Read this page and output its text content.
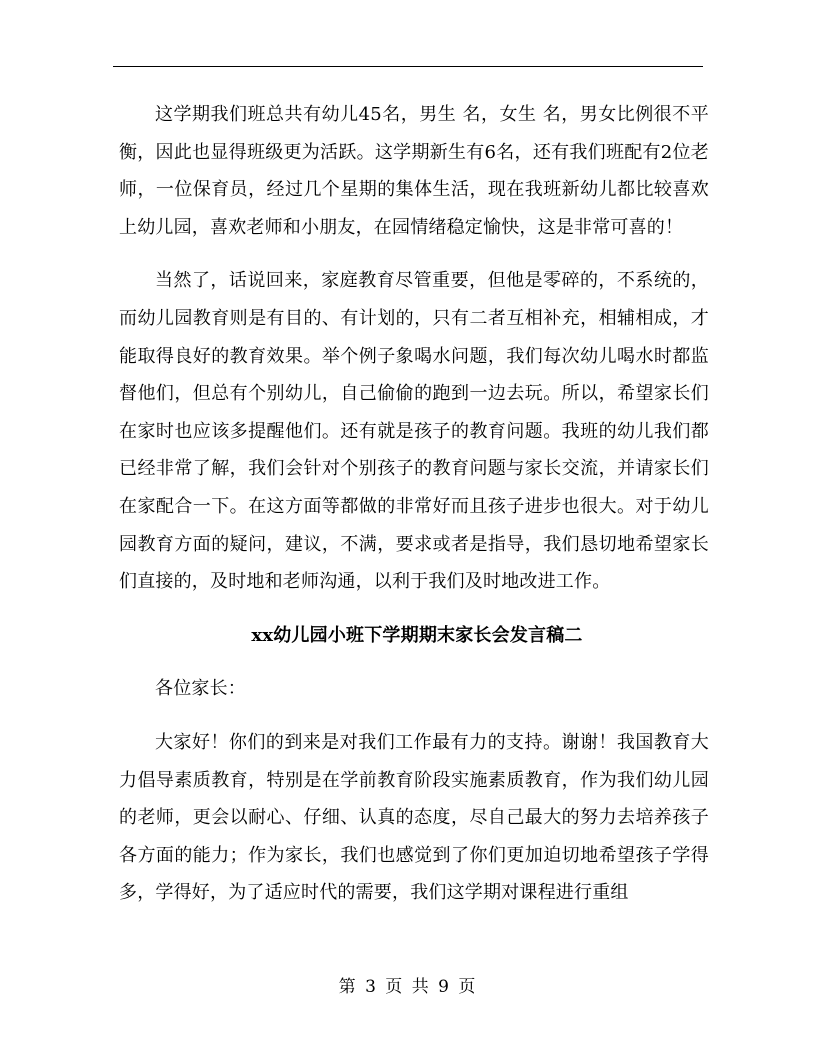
这学期我们班总共有幼儿45名，男生 名，女生 名，男女比例很不平衡，因此也显得班级更为活跃。这学期新生有6名，还有我们班配有2位老师，一位保育员，经过几个星期的集体生活，现在我班新幼儿都比较喜欢上幼儿园，喜欢老师和小朋友，在园情绪稳定愉快，这是非常可喜的！

当然了，话说回来，家庭教育尽管重要，但他是零碎的，不系统的，而幼儿园教育则是有目的、有计划的，只有二者互相补充，相辅相成，才能取得良好的教育效果。举个例子象喝水问题，我们每次幼儿喝水时都监督他们，但总有个别幼儿，自己偷偷的跑到一边去玩。所以，希望家长们在家时也应该多提醒他们。还有就是孩子的教育问题。我班的幼儿我们都已经非常了解，我们会针对个别孩子的教育问题与家长交流，并请家长们在家配合一下。在这方面等都做的非常好而且孩子进步也很大。对于幼儿园教育方面的疑问，建议，不满，要求或者是指导，我们恳切地希望家长们直接的，及时地和老师沟通，以利于我们及时地改进工作。

xx幼儿园小班下学期期末家长会发言稿二

各位家长：

大家好！你们的到来是对我们工作最有力的支持。谢谢！我国教育大力倡导素质教育，特别是在学前教育阶段实施素质教育，作为我们幼儿园的老师，更会以耐心、仔细、认真的态度，尽自己最大的努力去培养孩子各方面的能力；作为家长，我们也感觉到了你们更加迫切地希望孩子学得多，学得好，为了适应时代的需要，我们这学期对课程进行重组

第 3 页 共 9 页
